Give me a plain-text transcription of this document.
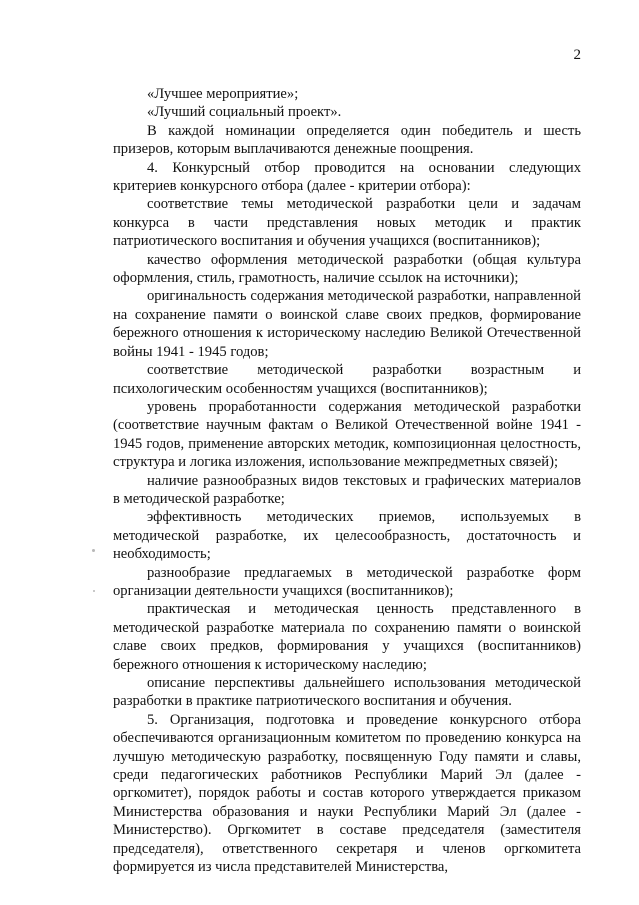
2

«Лучшее мероприятие»;

«Лучший социальный проект».

В каждой номинации определяется один победитель и шесть призеров, которым выплачиваются денежные поощрения.

4. Конкурсный отбор проводится на основании следующих критериев конкурсного отбора (далее - критерии отбора):

соответствие темы методической разработки цели и задачам конкурса в части представления новых методик и практик патриотического воспитания и обучения учащихся (воспитанников);

качество оформления методической разработки (общая культура оформления, стиль, грамотность, наличие ссылок на источники);

оригинальность содержания методической разработки, направленной на сохранение памяти о воинской славе своих предков, формирование бережного отношения к историческому наследию Великой Отечественной войны 1941 - 1945 годов;

соответствие методической разработки возрастным и психологическим особенностям учащихся (воспитанников);

уровень проработанности содержания методической разработки (соответствие научным фактам о Великой Отечественной войне 1941 - 1945 годов, применение авторских методик, композиционная целостность, структура и логика изложения, использование межпредметных связей);

наличие разнообразных видов текстовых и графических материалов в методической разработке;

эффективность методических приемов, используемых в методической разработке, их целесообразность, достаточность и необходимость;

разнообразие предлагаемых в методической разработке форм организации деятельности учащихся (воспитанников);

практическая и методическая ценность представленного в методической разработке материала по сохранению памяти о воинской славе своих предков, формирования у учащихся (воспитанников) бережного отношения к историческому наследию;

описание перспективы дальнейшего использования методической разработки в практике патриотического воспитания и обучения.

5. Организация, подготовка и проведение конкурсного отбора обеспечиваются организационным комитетом по проведению конкурса на лучшую методическую разработку, посвященную Году памяти и славы, среди педагогических работников Республики Марий Эл (далее - оргкомитет), порядок работы и состав которого утверждается приказом Министерства образования и науки Республики Марий Эл (далее - Министерство). Оргкомитет в составе председателя (заместителя председателя), ответственного секретаря и членов оргкомитета формируется из числа представителей Министерства,
